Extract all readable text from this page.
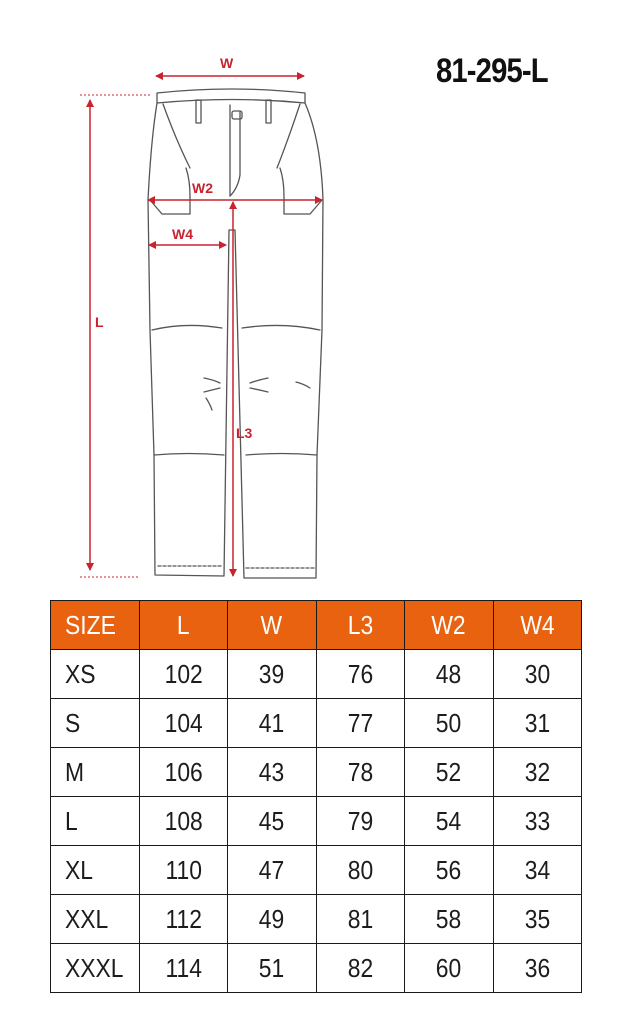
81-295-L
W
W2
W4
L
L3
SIZE	L	W	L3	W2	W4
XS	102	39	76	48	30
S	104	41	77	50	31
M	106	43	78	52	32
L	108	45	79	54	33
XL	110	47	80	56	34
XXL	112	49	81	58	35
XXXL	114	51	82	60	36
